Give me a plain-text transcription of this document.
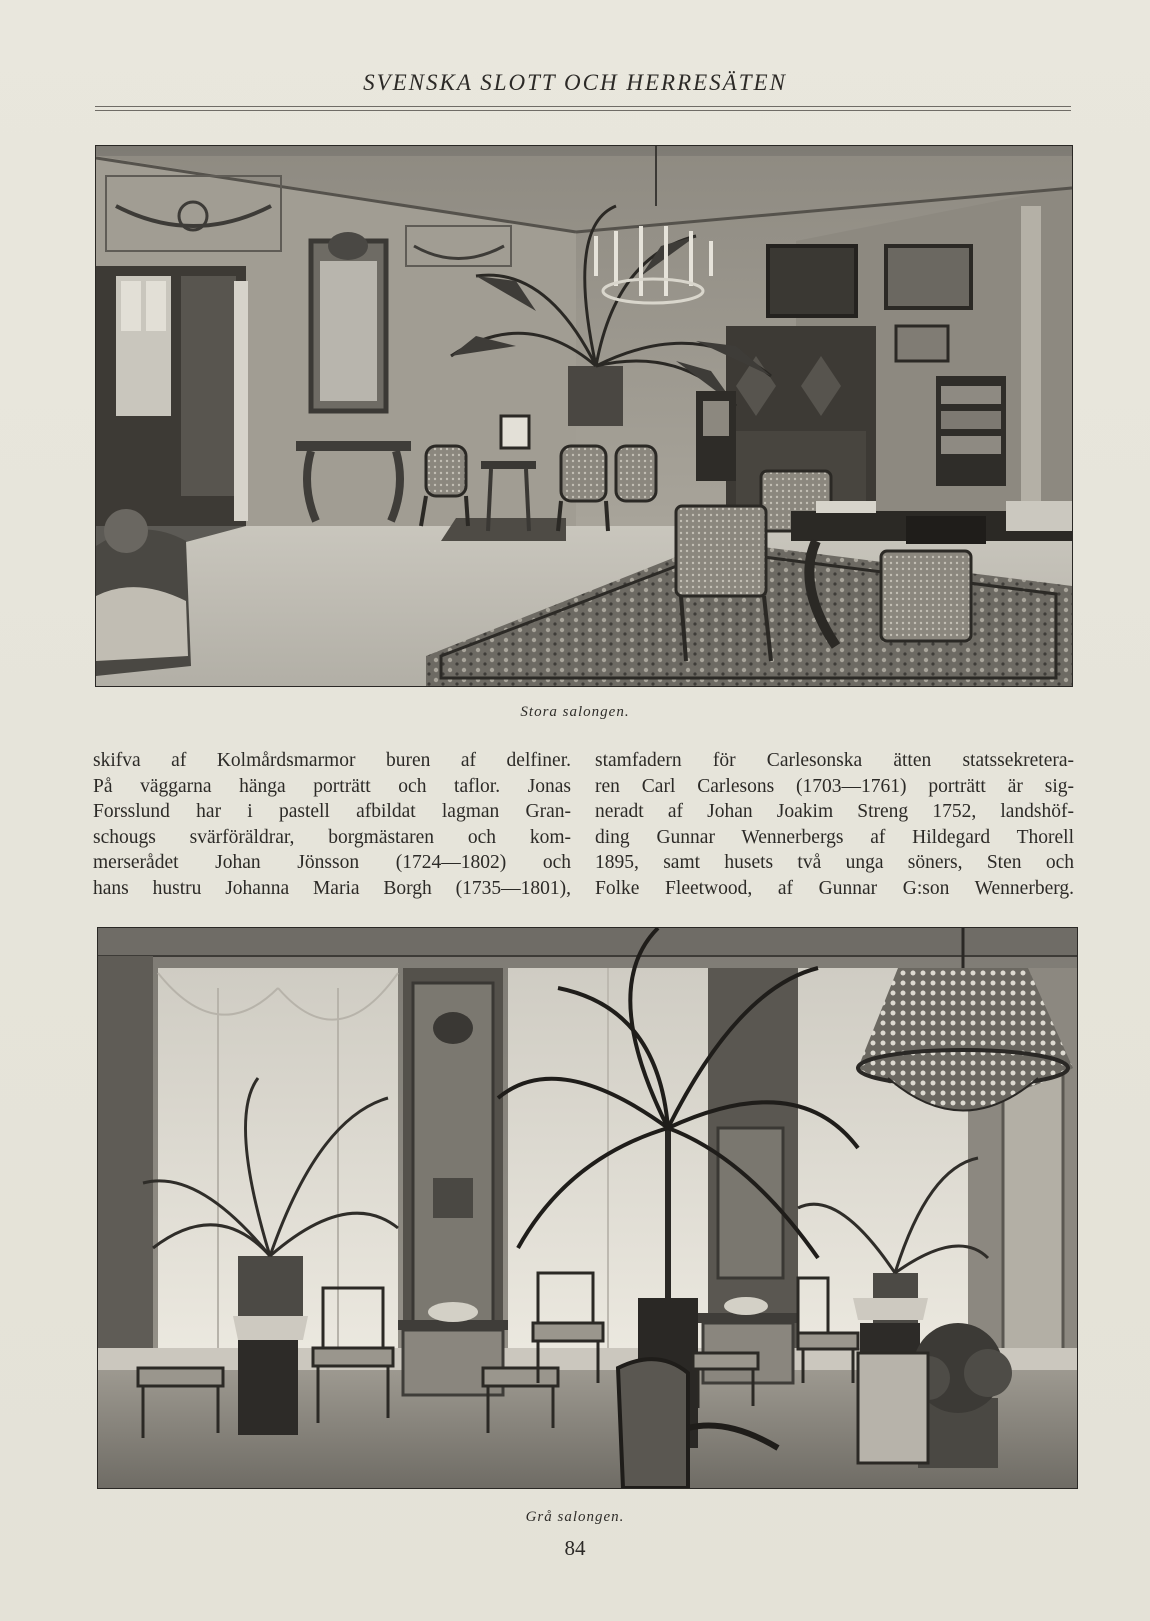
SVENSKA SLOTT OCH HERRESÄTEN
Stora salongen.
skifva af Kolmårdsmarmor buren af delfiner.
På väggarna hänga porträtt och taflor. Jonas
Forsslund har i pastell afbildat lagman Gran-
schougs svärföräldrar, borgmästaren och kom-
merserådet Johan Jönsson (1724—1802) och
hans hustru Johanna Maria Borgh (1735—1801),
stamfadern för Carlesonska ätten statssekretera-
ren Carl Carlesons (1703—1761) porträtt är sig-
neradt af Johan Joakim Streng 1752, landshöf-
ding Gunnar Wennerbergs af Hildegard Thorell
1895, samt husets två unga söners, Sten och
Folke Fleetwood, af Gunnar G:son Wennerberg.
Grå salongen.
84
